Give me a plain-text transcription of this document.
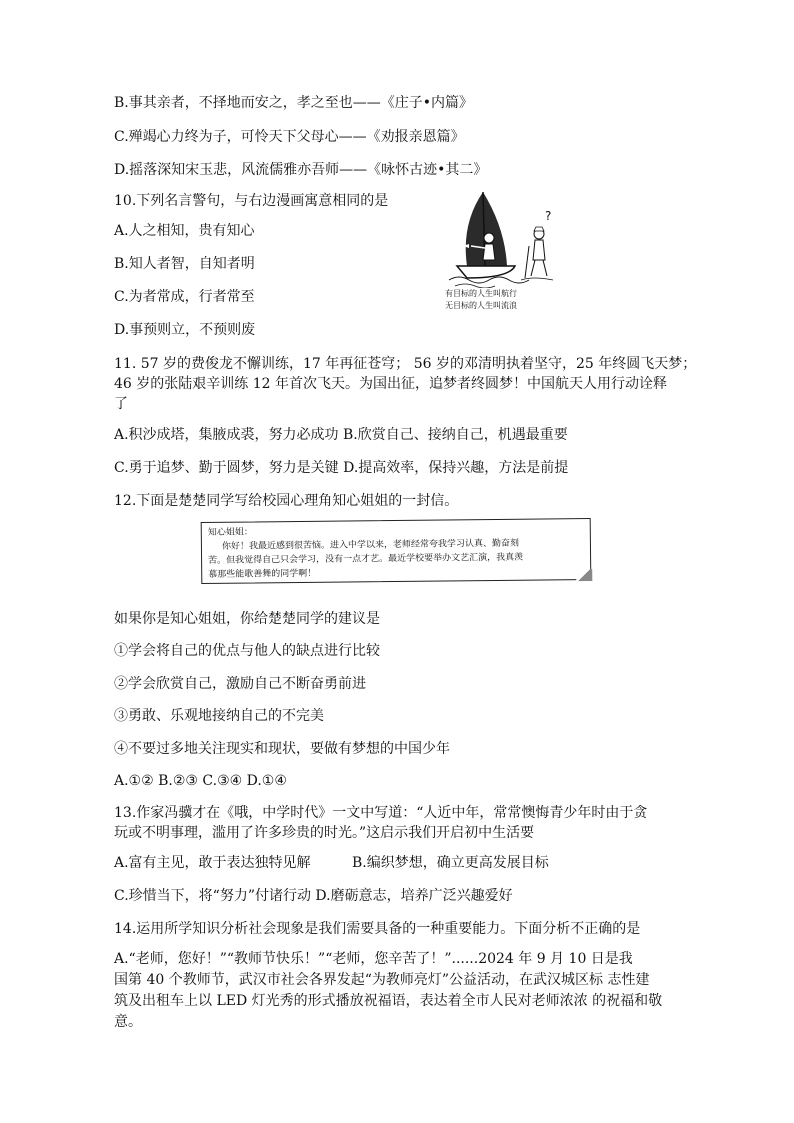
B.事其亲者，不择地而安之，孝之至也——《庄子•内篇》
C.殚竭心力终为子，可怜天下父母心——《劝报亲恩篇》
D.摇落深知宋玉悲，风流儒雅亦吾师——《咏怀古迹•其二》
10.下列名言警句，与右边漫画寓意相同的是
A.人之相知，贵有知心
B.知人者智，自知者明
C.为者常成，行者常至
D.事预则立，不预则废
?
有目标的人生叫航行
无目标的人生叫流浪
11. 57 岁的费俊龙不懈训练，17 年再征苍穹； 56 岁的邓清明执着坚守，25 年终圆飞天梦；
46 岁的张陆艰辛训练 12 年首次飞天。为国出征，追梦者终圆梦！中国航天人用行动诠释
了
A.积沙成塔，集腋成裘，努力必成功 B.欣赏自己、接纳自己，机遇最重要
C.勇于追梦、勤于圆梦，努力是关键 D.提高效率，保持兴趣，方法是前提
12.下面是楚楚同学写给校园心理角知心姐姐的一封信。
知心姐姐：
你好！我最近感到很苦恼。进入中学以来，老师经常夸我学习认真、勤奋刻
苦。但我觉得自己只会学习，没有一点才艺。最近学校要举办文艺汇演，我真羡
慕那些能歌善舞的同学啊！
如果你是知心姐姐，你给楚楚同学的建议是
①学会将自己的优点与他人的缺点进行比较
②学会欣赏自己，激励自己不断奋勇前进
③勇敢、乐观地接纳自己的不完美
④不要过多地关注现实和现状，要做有梦想的中国少年
A.①② B.②③ C.③④ D.①④
13.作家冯骥才在《哦，中学时代》一文中写道：“人近中年，常常懊悔青少年时由于贪
玩或不明事理，滥用了许多珍贵的时光。”这启示我们开启初中生活要
A.富有主见，敢于表达独特见解	B.编织梦想，确立更高发展目标
C.珍惜当下，将“努力”付诸行动 D.磨砺意志，培养广泛兴趣爱好
14.运用所学知识分析社会现象是我们需要具备的一种重要能力。下面分析不正确的是
A.“老师，您好！”“教师节快乐！”“老师，您辛苦了！”......2024 年 9 月 10 日是我
国第 40 个教师节，武汉市社会各界发起“为教师亮灯”公益活动，在武汉城区标 志性建
筑及出租车上以 LED 灯光秀的形式播放祝福语，表达着全市人民对老师浓浓 的祝福和敬
意。
